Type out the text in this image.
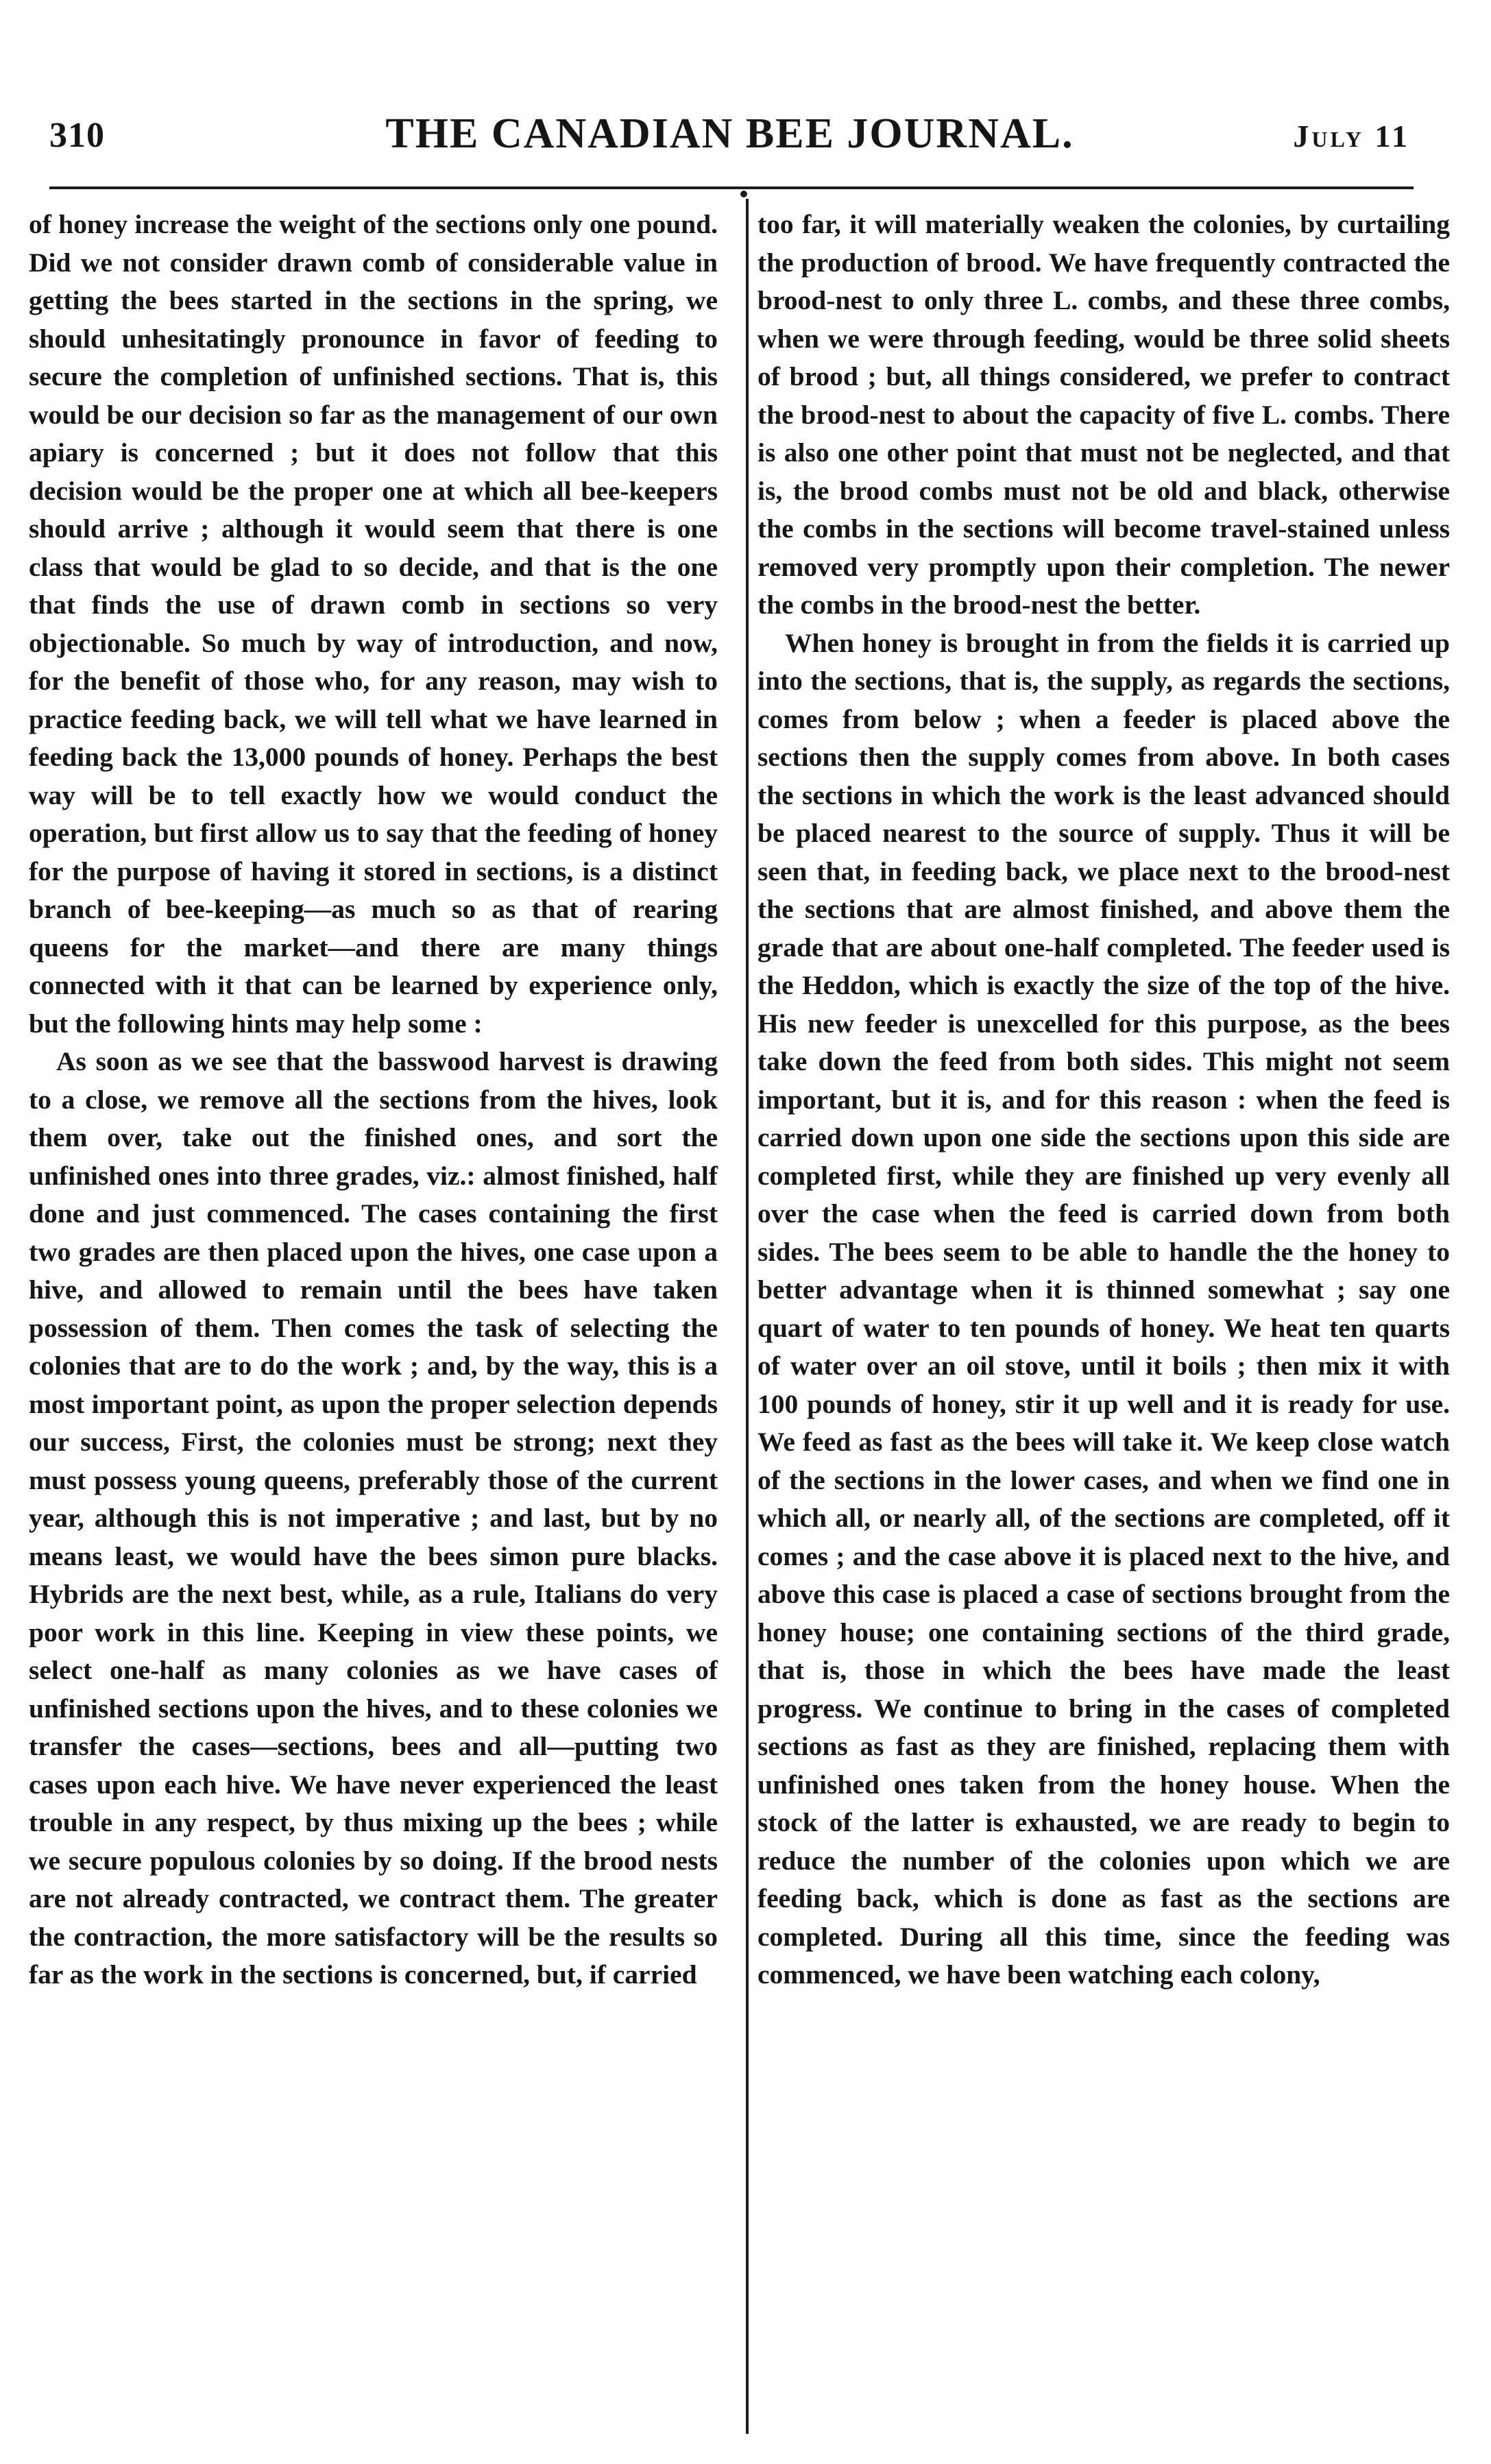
310	THE CANADIAN BEE JOURNAL.	July 11

of honey increase the weight of the sections only one pound. Did we not consider drawn comb of considerable value in getting the bees started in the sections in the spring, we should unhesitatingly pronounce in favor of feeding to secure the completion of unfinished sections. That is, this would be our decision so far as the management of our own apiary is concerned ; but it does not follow that this decision would be the proper one at which all bee-keepers should arrive ; although it would seem that there is one class that would be glad to so decide, and that is the one that finds the use of drawn comb in sections so very objectionable. So much by way of introduction, and now, for the benefit of those who, for any reason, may wish to practice feeding back, we will tell what we have learned in feeding back the 13,000 pounds of honey. Perhaps the best way will be to tell exactly how we would conduct the operation, but first allow us to say that the feeding of honey for the purpose of having it stored in sections, is a distinct branch of bee-keeping—as much so as that of rearing queens for the market—and there are many things connected with it that can be learned by experience only, but the following hints may help some :

As soon as we see that the basswood harvest is drawing to a close, we remove all the sections from the hives, look them over, take out the finished ones, and sort the unfinished ones into three grades, viz.: almost finished, half done and just commenced. The cases containing the first two grades are then placed upon the hives, one case upon a hive, and allowed to remain until the bees have taken possession of them. Then comes the task of selecting the colonies that are to do the work ; and, by the way, this is a most important point, as upon the proper selection depends our success, First, the colonies must be strong; next they must possess young queens, preferably those of the current year, although this is not imperative ; and last, but by no means least, we would have the bees simon pure blacks. Hybrids are the next best, while, as a rule, Italians do very poor work in this line. Keeping in view these points, we select one-half as many colonies as we have cases of unfinished sections upon the hives, and to these colonies we transfer the cases—sections, bees and all—putting two cases upon each hive. We have never experienced the least trouble in any respect, by thus mixing up the bees ; while we secure populous colonies by so doing. If the brood nests are not already contracted, we contract them. The greater the contraction, the more satisfactory will be the results so far as the work in the sections is concerned, but, if carried

too far, it will materially weaken the colonies, by curtailing the production of brood. We have frequently contracted the brood-nest to only three L. combs, and these three combs, when we were through feeding, would be three solid sheets of brood ; but, all things considered, we prefer to contract the brood-nest to about the capacity of five L. combs. There is also one other point that must not be neglected, and that is, the brood combs must not be old and black, otherwise the combs in the sections will become travel-stained unless removed very promptly upon their completion. The newer the combs in the brood-nest the better.

When honey is brought in from the fields it is carried up into the sections, that is, the supply, as regards the sections, comes from below ; when a feeder is placed above the sections then the supply comes from above. In both cases the sections in which the work is the least advanced should be placed nearest to the source of supply. Thus it will be seen that, in feeding back, we place next to the brood-nest the sections that are almost finished, and above them the grade that are about one-half completed. The feeder used is the Heddon, which is exactly the size of the top of the hive. His new feeder is unexcelled for this purpose, as the bees take down the feed from both sides. This might not seem important, but it is, and for this reason : when the feed is carried down upon one side the sections upon this side are completed first, while they are finished up very evenly all over the case when the feed is carried down from both sides. The bees seem to be able to handle the the honey to better advantage when it is thinned somewhat ; say one quart of water to ten pounds of honey. We heat ten quarts of water over an oil stove, until it boils ; then mix it with 100 pounds of honey, stir it up well and it is ready for use. We feed as fast as the bees will take it. We keep close watch of the sections in the lower cases, and when we find one in which all, or nearly all, of the sections are completed, off it comes ; and the case above it is placed next to the hive, and above this case is placed a case of sections brought from the honey house; one containing sections of the third grade, that is, those in which the bees have made the least progress. We continue to bring in the cases of completed sections as fast as they are finished, replacing them with unfinished ones taken from the honey house. When the stock of the latter is exhausted, we are ready to begin to reduce the number of the colonies upon which we are feeding back, which is done as fast as the sections are completed. During all this time, since the feeding was commenced, we have been watching each colony,
